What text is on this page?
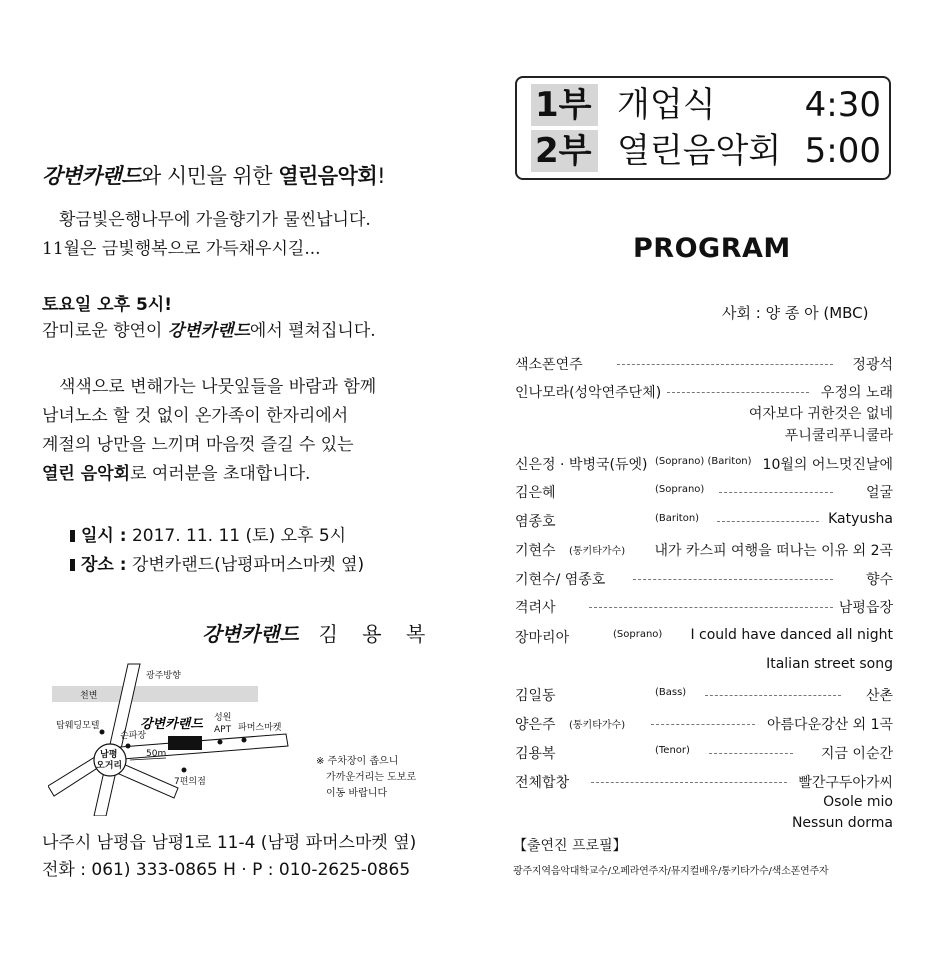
강변카랜드와 시민을 위한 열린음악회!
황금빛은행나무에 가을향기가 물씬납니다.
11월은 금빛행복으로 가득채우시길...
토요일 오후 5시!
감미로운 향연이 강변카랜드에서 펼쳐집니다.
색색으로 변해가는 나뭇잎들을 바람과 함께
남녀노소 할 것 없이 온가족이 한자리에서
계절의 낭만을 느끼며 마음껏 즐길 수 있는
열린 음악회로 여러분을 초대합니다.
일시 : 2017. 11. 11 (토) 오후 5시
장소 : 강변카랜드(남평파머스마켓 옆)
강변카랜드 김 용 복
광주방향
천변
탑웨딩모텔
손파장
강변카랜드 성원
APT 파머스마켓
남평
오거리
50m
7편의점
※ 주차장이 좁으니
가까운거리는 도보로
이동 바랍니다
나주시 남평읍 남평1로 11-4 (남평 파머스마켓 옆)
전화 : 061) 333-0865 H · P : 010-2625-0865
1부 개업식	4:30
2부 열린음악회 5:00
PROGRAM
사회 : 양 종 아 (MBC)
색소폰연주	정광석
인나모라(성악연주단체)	우정의 노래
여자보다 귀한것은 없네
푸니쿨리푸니쿨라
신은정 · 박병국(듀엣) (Soprano) (Bariton) 10월의 어느멋진날에
김은혜	(Soprano)	얼굴
염종호	(Bariton)	Katyusha
기현수 (통키타가수) 내가 카스피 여행을 떠나는 이유 외 2곡
기현수/ 염종호	향수
격려사	남평읍장
장마리아	(Soprano) I could have danced all night
Italian street song
김일동	(Bass)	산촌
양은주 (통키타가수)	아름다운강산 외 1곡
김용복	(Tenor)	지금 이순간
전체합창	빨간구두아가씨
Osole mio
Nessun dorma
【출연진 프로필】
광주지역음악대학교수/오페라연주자/뮤지컬배우/통키타가수/색소폰연주자
